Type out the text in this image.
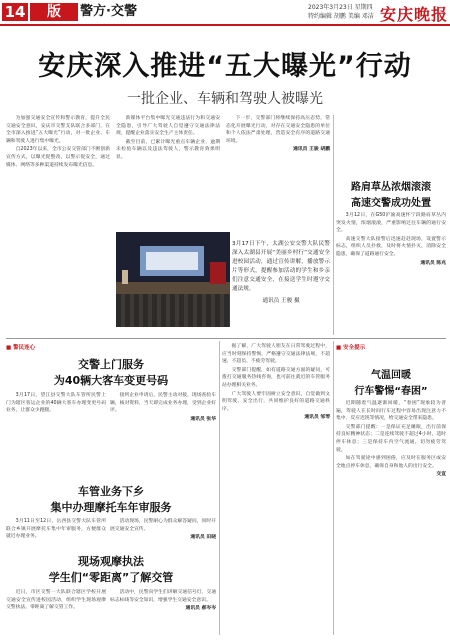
14	版	警方·交警	2023年3月23日 星期四
特约编辑 胡鹏 美编 邓洁 安庆晚报
安庆深入推进“五大曝光”行动
一批企业、车辆和驾驶人被曝光

为加强交通安全宣传和警示教育，提升全民交通安全意识，安庆市交警支队联合多部门，在全市深入推进“五大曝光”行动，对一批企业、车辆和驾驶人进行集中曝光。

自2023年以来，全市公安交管部门不断创新宣传方式，以曝光促整改，以警示促安全，通过媒体、网络等多种渠道持续发布曝光信息。

新媒体平台集中曝光交通违法行为和交通安全隐患，引导广大驾驶人自觉遵守交通法律法规，提醒企业落实安全生产主体责任。

截至目前，已累计曝光重点车辆企业、逾期未检验车辆以及违法驾驶人，警示教育效果明显。

下一步，交警部门将继续保持高压态势，常态化开展曝光行动，对存在交通安全隐患的单位和个人依法严肃处理，营造安全有序的道路交通环境。

通讯员 王骏 胡鹏
3月17日下午，太湖公安交警大队民警深入太湖县开展“美丽乡村行”交通安全进校园活动，通过宣传讲解，播放警示片等形式，提醒参加活动的学生和乡亲们注意交通安全，在接送学生时遵守交通法规。
通讯员 王骏 摄
路肩草丛浓烟滚滚
高速交警成功处置

3月12日，在G50沪渝高速怀宁段路肩草丛内突发火情，浓烟滚滚，严重影响过往车辆的通行安全。

高速交警大队接警后迅速赶赴现场，设置警示标志，组织人员扑救，及时将火情扑灭，消除安全隐患，确保了道路通行安全。

通讯员 陈兆
■ 警民连心
■	安全提示
交警上门服务
为40辆大客车变更号码

3月17日，望江县交警大队车管所民警上门为辖区客运企业的40辆大客车办理变更号码业务，让群众少跑腿。

接到企业申请后，民警主动对接，现场查验车辆，核对资料，当天即完成业务办理，受到企业好评。

通讯员 张华

据了解，广大驾驶人朋友在日常驾驶过程中，应当时刻保持警惕，严格遵守交通法律法规，不超速、不超员、不疲劳驾驶。

交警部门提醒，如有道路交通方面的疑问，可拨打交通服务热线咨询，也可前往就近的车管服务站办理相关业务。

广大驾驶人要牢固树立安全意识，自觉做到文明驾驶、安全出行，共同维护良好的道路交通秩序。

通讯员 邹琴
车管业务下乡
集中办理摩托车年审服务

3月11日至12日，岳西县交警大队车管所联合乡镇开展摩托车集中年审服务，方便群众就近办理业务。

活动现场，民警耐心为群众解答疑问，同时开展交通安全宣传。

通讯员 田晓
现场观摩执法
学生们“零距离”了解交管

近日，市区交警一大队联合辖区学校开展交通安全宣传进校园活动，组织学生现场观摩交警执法，零距离了解交管工作。

活动中，民警向学生们讲解交通信号灯、交通标志标线等安全知识，增强学生交通安全意识。

通讯员 郝岑岑
气温回暖
行车警惕“春困”

近期随着气温逐渐回暖，“春困”现象较为普遍，驾驶人在长时间行车过程中容易出现注意力不集中、反应迟钝等情况，给交通安全带来隐患。

交警部门提醒：一是保证充足睡眠，出行前保持良好精神状态；二是连续驾驶不超过4小时，适时停车休息；三是保持车内空气流通，切勿疲劳驾驶。

如在驾驶途中感到困倦，应及时在服务区或安全地点停车休息，确保自身和他人的出行安全。

交宣
